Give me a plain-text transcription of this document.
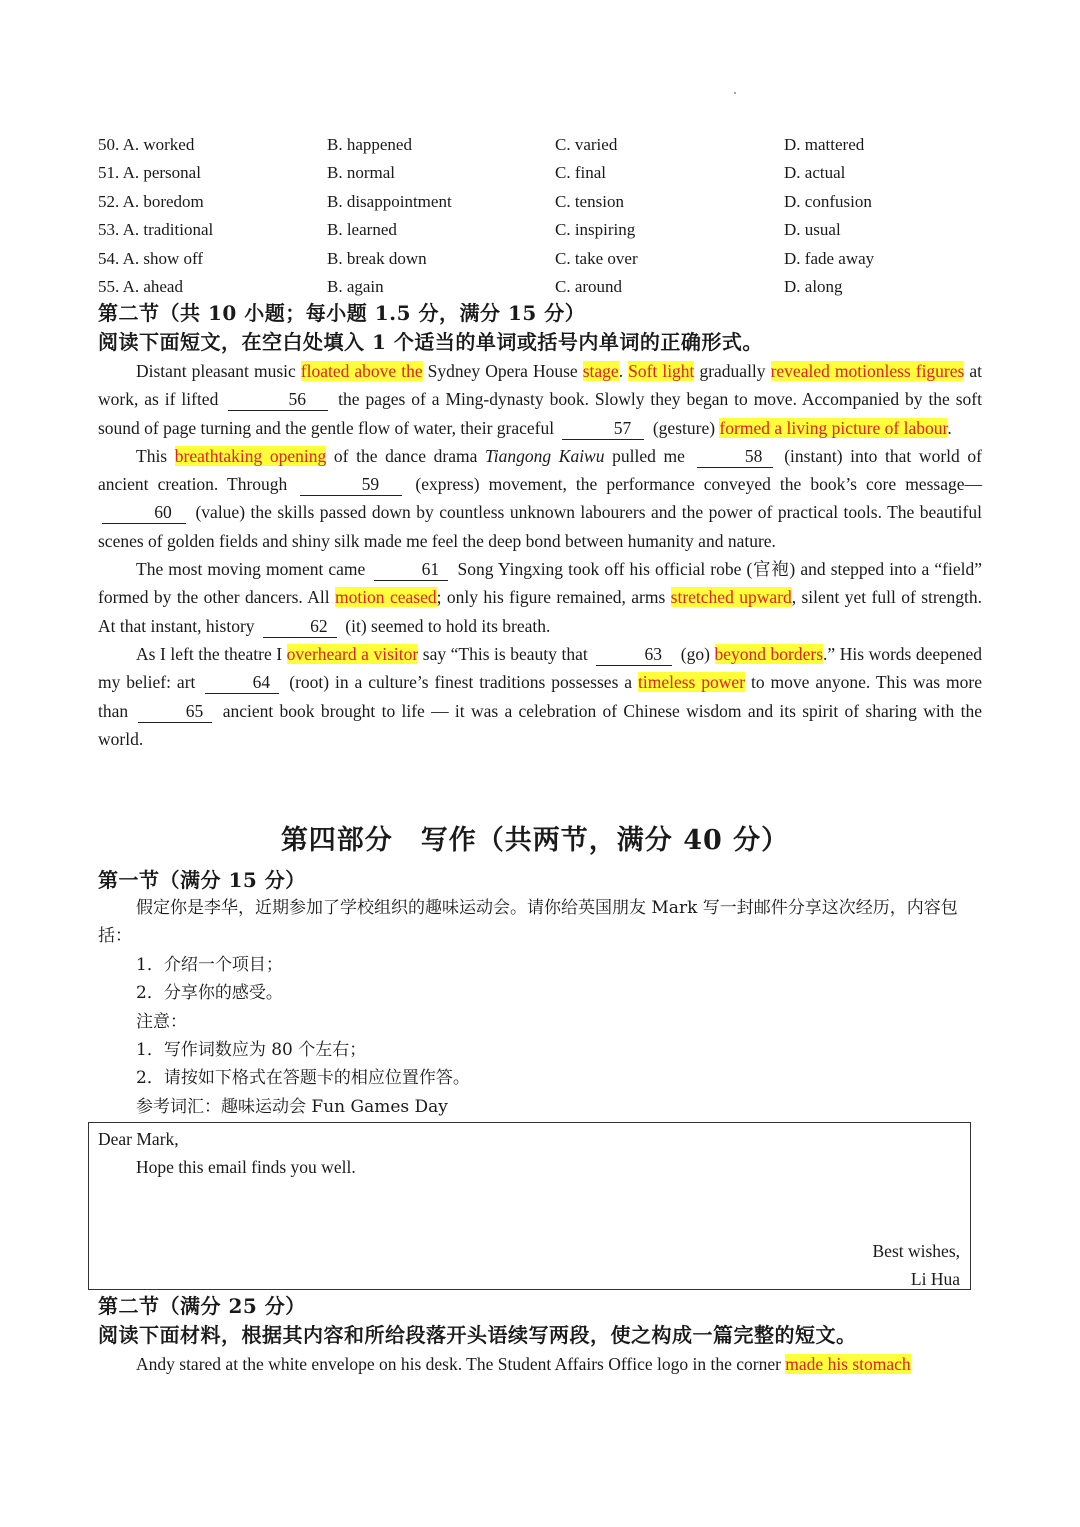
50. A. worked	B. happened	C. varied	D. mattered
51. A. personal	B. normal	C. final	D. actual
52. A. boredom	B. disappointment	C. tension	D. confusion
53. A. traditional	B. learned	C. inspiring	D. usual
54. A. show off	B. break down	C. take over	D. fade away
55. A. ahead	B. again	C. around	D. along
第二节（共 10 小题；每小题 1.5 分，满分 15 分）
阅读下面短文，在空白处填入 1 个适当的单词或括号内单词的正确形式。

Distant pleasant music floated above the Sydney Opera House stage. Soft light gradually revealed motionless figures at work, as if lifted	56 the pages of a Ming-dynasty book. Slowly they began to move. Accompanied by the soft sound of page turning and the gentle flow of water, their graceful	57 (gesture) formed a living picture of labour.

This breathtaking opening of the dance drama Tiangong Kaiwu pulled me	58 (instant) into that world of ancient creation. Through	59 (express) movement, the performance conveyed the book’s core message—60 (value) the skills passed down by countless unknown labourers and the power of practical tools. The beautiful scenes of golden fields and shiny silk made me feel the deep bond between humanity and nature.

The most moving moment came	61 Song Yingxing took off his official robe (官袍) and stepped into a “field” formed by the other dancers. All motion ceased; only his figure remained, arms stretched upward, silent yet full of strength. At that instant, history	62 (it) seemed to hold its breath.

As I left the theatre I overheard a visitor say “This is beauty that	63 (go) beyond borders.” His words deepened my belief: art	64 (root) in a culture’s finest traditions possesses a timeless power to move anyone. This was more than	65 ancient book brought to life — it was a celebration of Chinese wisdom and its spirit of sharing with the world.

第四部分　写作（共两节，满分 40 分）
第一节（满分 15 分）
假定你是李华，近期参加了学校组织的趣味运动会。请你给英国朋友 Mark 写一封邮件分享这次经历，内容包括：
1．介绍一个项目；
2．分享你的感受。
注意：
1．写作词数应为 80 个左右；
2．请按如下格式在答题卡的相应位置作答。
参考词汇：趣味运动会 Fun Games Day
Dear Mark,
Hope this email finds you well.
Best wishes,
Li Hua
第二节（满分 25 分）
阅读下面材料，根据其内容和所给段落开头语续写两段，使之构成一篇完整的短文。
Andy stared at the white envelope on his desk. The Student Affairs Office logo in the corner made his stomach
